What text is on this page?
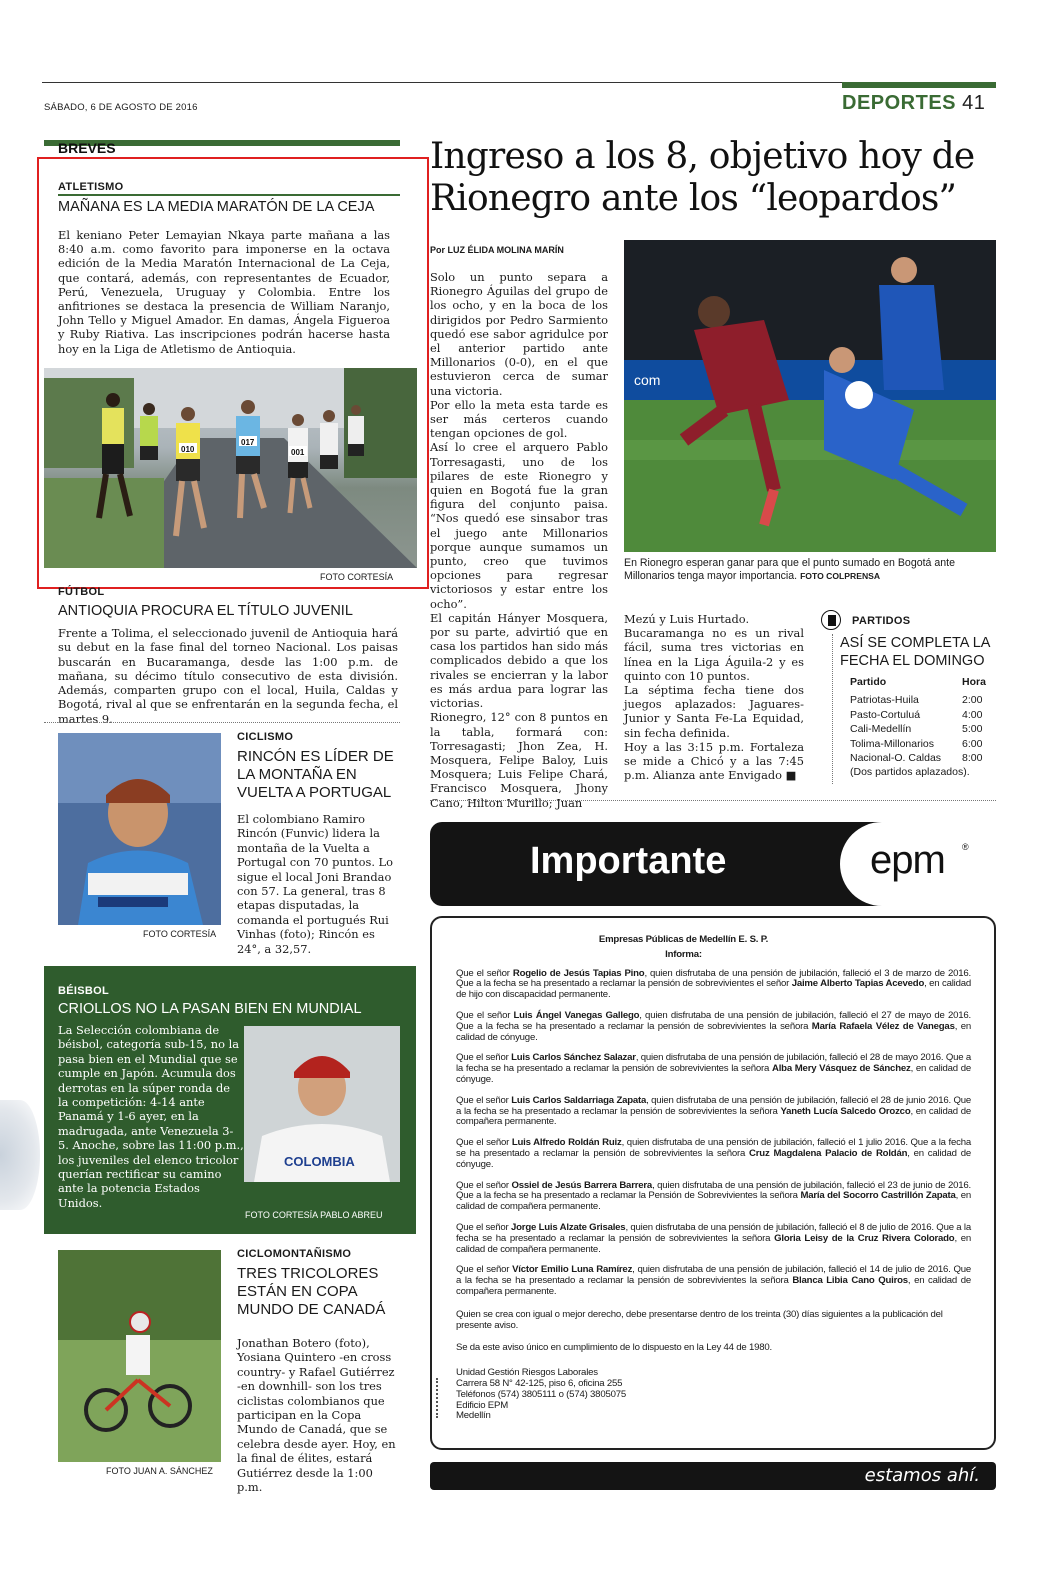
SÁBADO, 6 DE AGOSTO DE 2016	DEPORTES 41
BREVES
ATLETISMO
MAÑANA ES LA MEDIA MARATÓN DE LA CEJA
El keniano Peter Lemayian Nkaya parte mañana a las 8:40 a.m. como favorito para imponerse en la octava edición de la Media Maratón Internacional de La Ceja, que contará, además, con representantes de Ecuador, Perú, Venezuela, Uruguay y Colombia. Entre los anfitriones se destaca la presencia de William Naranjo, John Tello y Miguel Amador. En damas, Ángela Figueroa y Ruby Riativa. Las inscripciones podrán hacerse hasta hoy en la Liga de Atletismo de Antioquia.
010
017
001
FOTO CORTESÍA
FÚTBOL
ANTIOQUIA PROCURA EL TÍTULO JUVENIL
Frente a Tolima, el seleccionado juvenil de Antioquia hará su debut en la fase final del torneo Nacional. Los paisas buscarán en Bucaramanga, desde las 1:00 p.m. de mañana, su décimo título consecutivo de esta división. Además, comparten grupo con el local, Huila, Caldas y Bogotá, rival al que se enfrentarán en la segunda fecha, el martes 9.
FOTO CORTESÍA
CICLISMO
RINCÓN ES LÍDER DE LA MONTAÑA EN VUELTA A PORTUGAL
El colombiano Ramiro Rincón (Funvic) lidera la montaña de la Vuelta a Portugal con 70 puntos. Lo sigue el local Joni Brandao con 57. La general, tras 8 etapas disputadas, la comanda el portugués Rui Vinhas (foto); Rincón es 24°, a 32,57.
BÉISBOL
CRIOLLOS NO LA PASAN BIEN EN MUNDIAL
La Selección colombiana de béisbol, categoría sub-15, no la pasa bien en el Mundial que se cumple en Japón. Acumula dos derrotas en la súper ronda de la competición: 4-14 ante Panamá y 1-6 ayer, en la madrugada, ante Venezuela 3-5. Anoche, sobre las 11:00 p.m., los juveniles del elenco tricolor querían rectificar su camino ante la potencia Estados Unidos.
COLOMBIA
FOTO CORTESÍA PABLO ABREU
FOTO JUAN A. SÁNCHEZ
CICLOMONTAÑISMO
TRES TRICOLORES ESTÁN EN COPA MUNDO DE CANADÁ
Jonathan Botero (foto), Yosiana Quintero -en cross country- y Rafael Gutiérrez -en downhill- son los tres ciclistas colombianos que participan en la Copa Mundo de Canadá, que se celebra desde ayer. Hoy, en la final de élites, estará Gutiérrez desde la 1:00 p.m.
Ingreso a los 8, objetivo hoy de Rionegro ante los “leopardos”
Por LUZ ÉLIDA MOLINA MARÍN
Solo un punto separa a Rionegro Águilas del grupo de los ocho, y en la boca de los dirigidos por Pedro Sarmiento quedó ese sabor agridulce por el anterior partido ante Millonarios (0-0), en el que estuvieron cerca de sumar una victoria.
Por ello la meta esta tarde es ser más certeros cuando tengan opciones de gol.
Así lo cree el arquero Pablo Torresagasti, uno de los pilares de este Rionegro y quien en Bogotá fue la gran figura del conjunto paisa. “Nos quedó ese sinsabor tras el juego ante Millonarios porque aunque sumamos un punto, creo que tuvimos opciones para regresar victoriosos y estar entre los ocho”.
El capitán Hányer Mosquera, por su parte, advirtió que en casa los partidos han sido más complicados debido a que los rivales se encierran y la labor es más ardua para lograr las victorias.
Rionegro, 12° con 8 puntos en la tabla, formará con: Torresagasti; Jhon Zea, H. Mosquera, Felipe Baloy, Luis Mosquera; Luis Felipe Chará, Francisco Mosquera, Jhony Cano, Hilton Murillo; Juan
com
En Rionegro esperan ganar para que el punto sumado en Bogotá ante Millonarios tenga mayor importancia. FOTO COLPRENSA
Mezú y Luis Hurtado.
Bucaramanga no es un rival fácil, suma tres victorias en línea en la Liga Águila-2 y es quinto con 10 puntos.
La séptima fecha tiene dos juegos aplazados: Jaguares-Junior y Santa Fe-La Equidad, sin fecha definida.
Hoy a las 3:15 p.m. Fortaleza se mide a Chicó y a las 7:45 p.m. Alianza ante Envigado ■
PARTIDOS
ASÍ SE COMPLETA LA FECHA EL DOMINGO
Partido	Hora
Patriotas-Huila	2:00
Pasto-Cortuluá	4:00
Cali-Medellín	5:00
Tolima-Millonarios	6:00
Nacional-O. Caldas 8:00
(Dos partidos aplazados).
Importante	epm ®
Empresas Públicas de Medellín E. S. P.
Informa:
Que el señor Rogelio de Jesús Tapias Pino, quien disfrutaba de una pensión de jubilación, falleció el 3 de marzo de 2016. Que a la fecha se ha presentado a reclamar la pensión de sobrevivientes el señor Jaime Alberto Tapias Acevedo, en calidad de hijo con discapacidad permanente.
Que el señor Luis Ángel Vanegas Gallego, quien disfrutaba de una pensión de jubilación, falleció el 27 de mayo de 2016. Que a la fecha se ha presentado a reclamar la pensión de sobrevivientes la señora María Rafaela Vélez de Vanegas, en calidad de cónyuge.
Que el señor Luis Carlos Sánchez Salazar, quien disfrutaba de una pensión de jubilación, falleció el 28 de mayo 2016. Que a la fecha se ha presentado a reclamar la pensión de sobrevivientes la señora Alba Mery Vásquez de Sánchez, en calidad de cónyuge.
Que el señor Luis Carlos Saldarriaga Zapata, quien disfrutaba de una pensión de jubilación, falleció el 28 de junio 2016. Que a la fecha se ha presentado a reclamar la pensión de sobrevivientes la señora Yaneth Lucía Salcedo Orozco, en calidad de compañera permanente.
Que el señor Luis Alfredo Roldán Ruiz, quien disfrutaba de una pensión de jubilación, falleció el 1 julio 2016. Que a la fecha se ha presentado a reclamar la pensión de sobrevivientes la señora Cruz Magdalena Palacio de Roldán, en calidad de cónyuge.
Que el señor Ossiel de Jesús Barrera Barrera, quien disfrutaba de una pensión de jubilación, falleció el 23 de junio de 2016. Que a la fecha se ha presentado a reclamar la Pensión de Sobrevivientes la señora María del Socorro Castrillón Zapata, en calidad de compañera permanente.
Que el señor Jorge Luis Alzate Grisales, quien disfrutaba de una pensión de jubilación, falleció el 8 de julio de 2016. Que a la fecha se ha presentado a reclamar la pensión de sobrevivientes la señora Gloria Leisy de la Cruz Rivera Colorado, en calidad de compañera permanente.
Que el señor Víctor Emilio Luna Ramírez, quien disfrutaba de una pensión de jubilación, falleció el 14 de julio de 2016. Que a la fecha se ha presentado a reclamar la pensión de sobrevivientes la señora Blanca Libia Cano Quiros, en calidad de compañera permanente.
Quien se crea con igual o mejor derecho, debe presentarse dentro de los treinta (30) días siguientes a la publicación del presente aviso.
Se da este aviso único en cumplimiento de lo dispuesto en la Ley 44 de 1980.
Unidad Gestión Riesgos Laborales
Carrera 58 N° 42-125, piso 6, oficina 255
Teléfonos (574) 3805111 o (574) 3805075
Edificio EPM
Medellín
estamos ahí.
